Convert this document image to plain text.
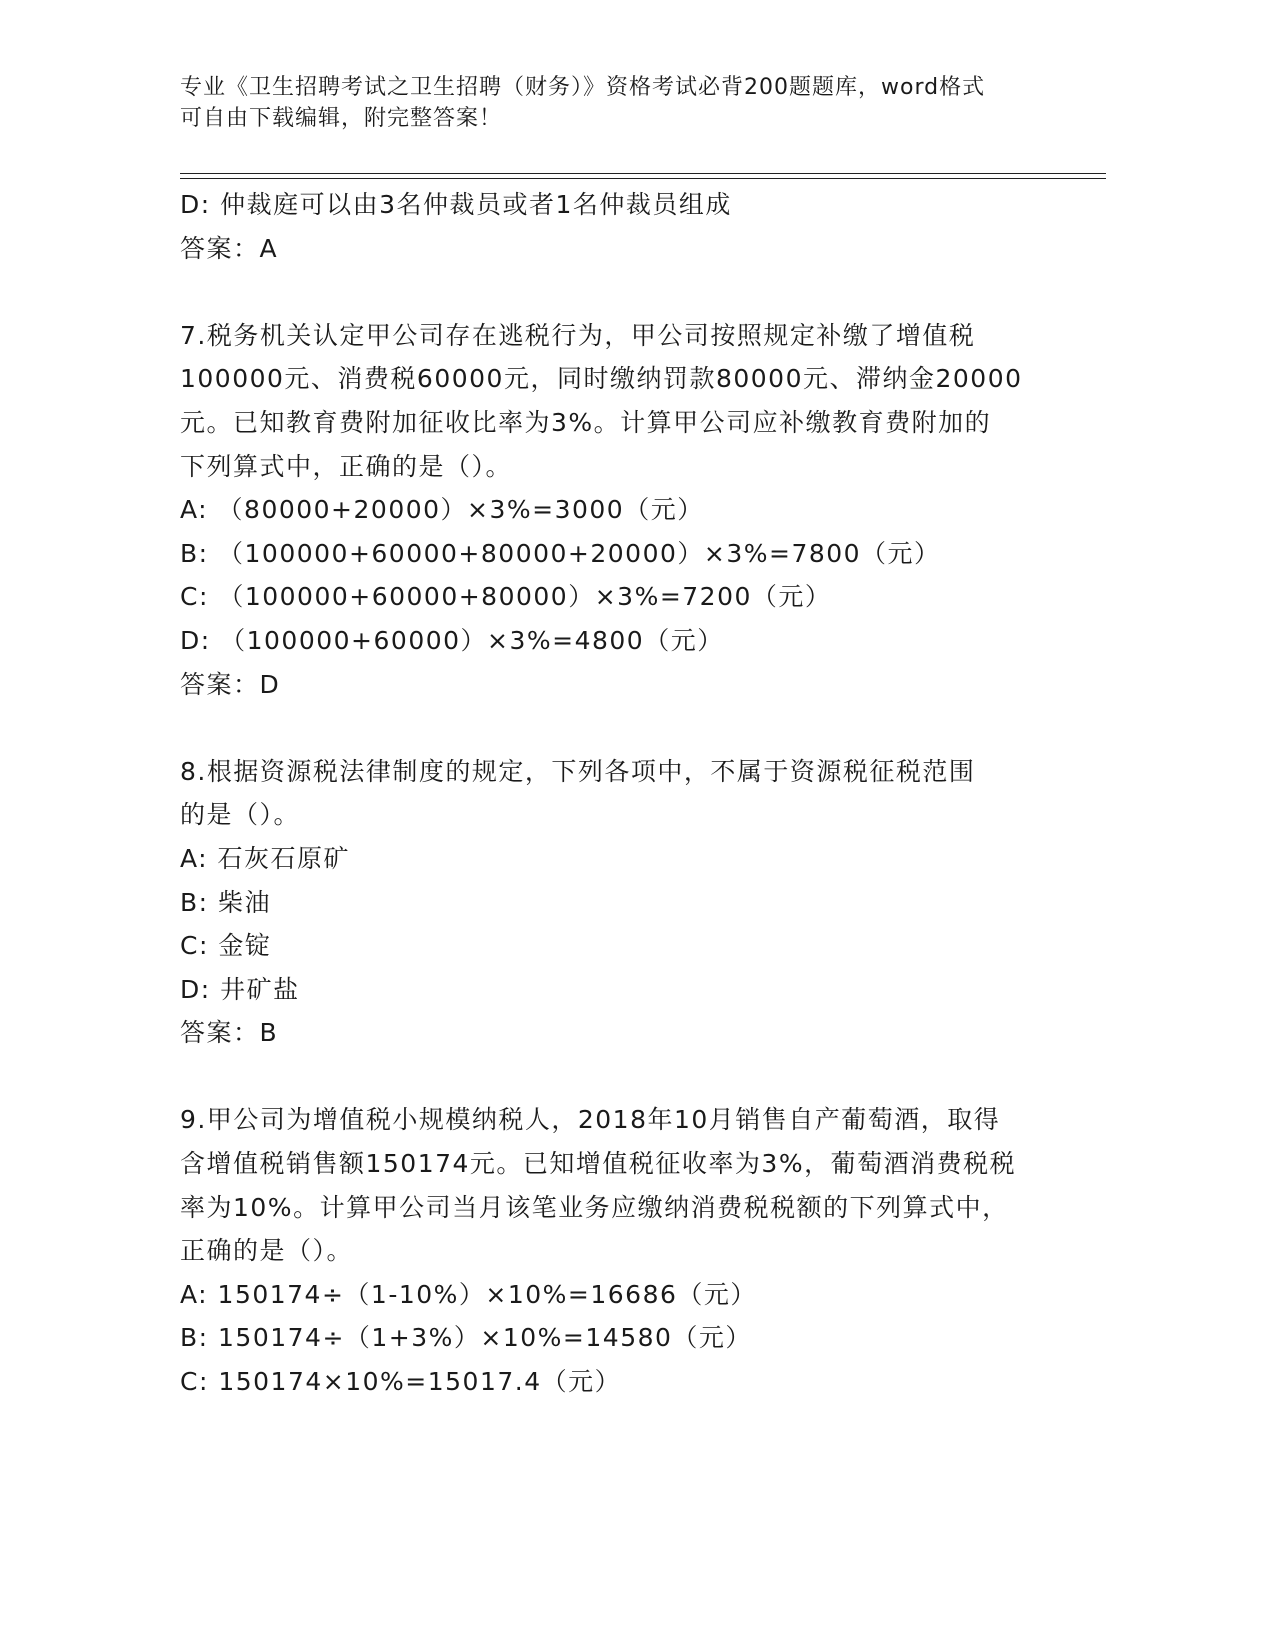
专业《卫生招聘考试之卫生招聘（财务）》资格考试必背200题题库，word格式
可自由下载编辑，附完整答案！
D: 仲裁庭可以由3名仲裁员或者1名仲裁员组成
答案：A
7.税务机关认定甲公司存在逃税行为，甲公司按照规定补缴了增值税
100000元、消费税60000元，同时缴纳罚款80000元、滞纳金20000
元。已知教育费附加征收比率为3%。计算甲公司应补缴教育费附加的
下列算式中，正确的是（）。
A: （80000+20000）×3%=3000（元）
B: （100000+60000+80000+20000）×3%=7800（元）
C: （100000+60000+80000）×3%=7200（元）
D: （100000+60000）×3%=4800（元）
答案：D
8.根据资源税法律制度的规定，下列各项中，不属于资源税征税范围
的是（）。
A: 石灰石原矿
B: 柴油
C: 金锭
D: 井矿盐
答案：B
9.甲公司为增值税小规模纳税人，2018年10月销售自产葡萄酒，取得
含增值税销售额150174元。已知增值税征收率为3%，葡萄酒消费税税
率为10%。计算甲公司当月该笔业务应缴纳消费税税额的下列算式中，
正确的是（）。
A: 150174÷（1-10%）×10%=16686（元）
B: 150174÷（1+3%）×10%=14580（元）
C: 150174×10%=15017.4（元）
